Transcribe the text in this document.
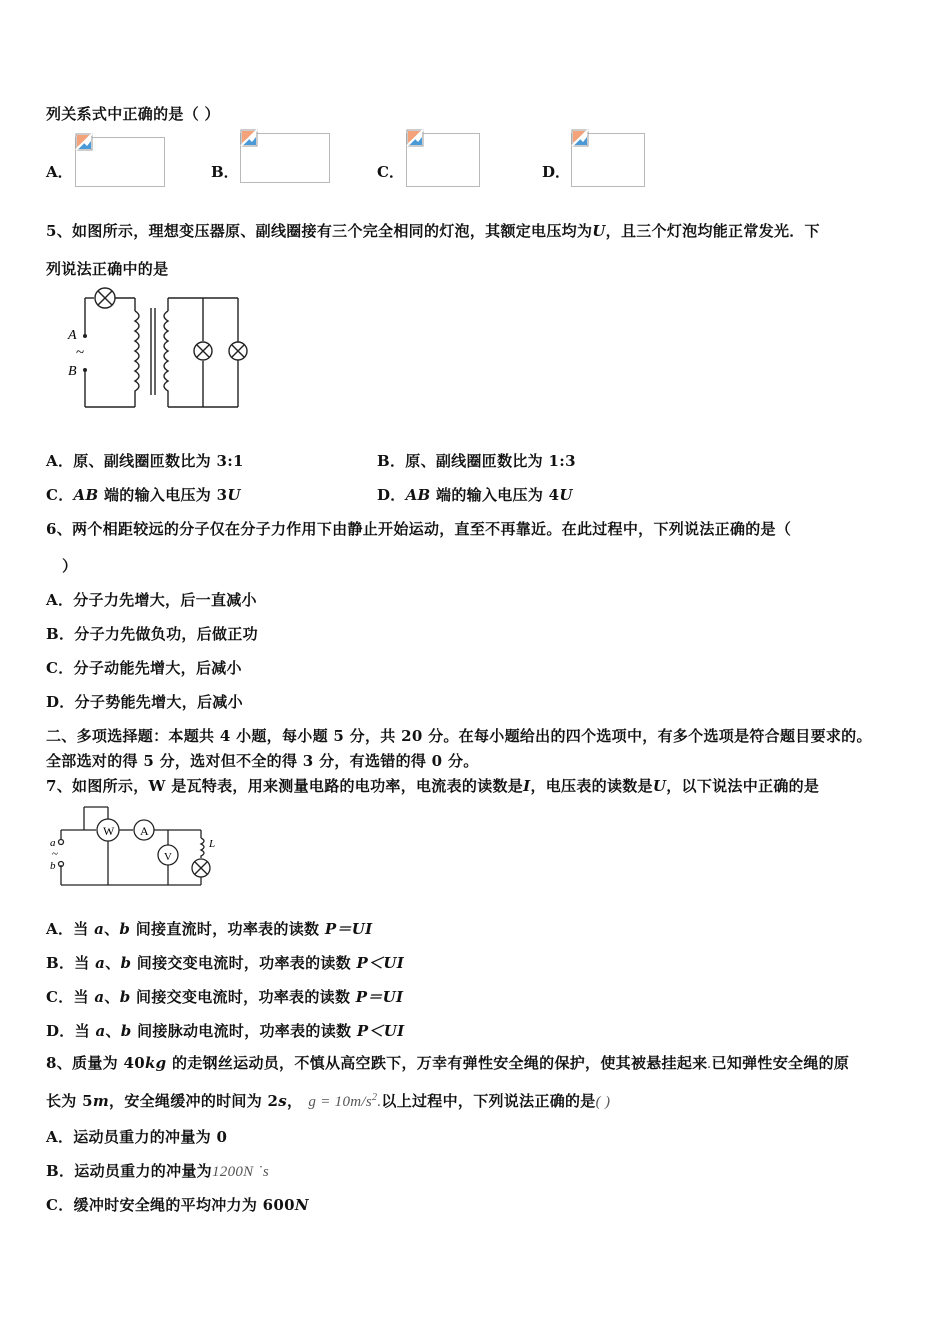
列关系式中正确的是（ ）
A．	B．	C．	D．
5、如图所示，理想变压器原、副线圈接有三个完全相同的灯泡，其额定电压均为U，且三个灯泡均能正常发光．下
列说法正确中的是
A
~
B
A．原、副线圈匝数比为 3:1	B．原、副线圈匝数比为 1:3
C．AB 端的输入电压为 3U	D．AB 端的输入电压为 4U
6、两个相距较远的分子仅在分子力作用下由静止开始运动，直至不再靠近。在此过程中，下列说法正确的是（
）
A．分子力先增大，后一直减小
B．分子力先做负功，后做正功
C．分子动能先增大，后减小
D．分子势能先增大，后减小
二、多项选择题：本题共 4 小题，每小题 5 分，共 20 分。在每小题给出的四个选项中，有多个选项是符合题目要求的。
全部选对的得 5 分，选对但不全的得 3 分，有选错的得 0 分。
7、如图所示，W 是瓦特表，用来测量电路的电功率，电流表的读数是I，电压表的读数是U，以下说法中正确的是
W A
V
L
a
~
b
A．当 a、b 间接直流时，功率表的读数 P＝UI
B．当 a、b 间接交变电流时，功率表的读数 P＜UI
C．当 a、b 间接交变电流时，功率表的读数 P＝UI
D．当 a、b 间接脉动电流时，功率表的读数 P＜UI
8、质量为 40kg 的走钢丝运动员，不慎从高空跌下，万幸有弹性安全绳的保护，使其被悬挂起来.已知弹性安全绳的原
长为 5m，安全绳缓冲的时间为 2s， $g = 10m/s^2$.以上过程中，下列说法正确的是( )
A．运动员重力的冲量为 0
B．运动员重力的冲量为1200N ˙s
C．缓冲时安全绳的平均冲力为 600N
